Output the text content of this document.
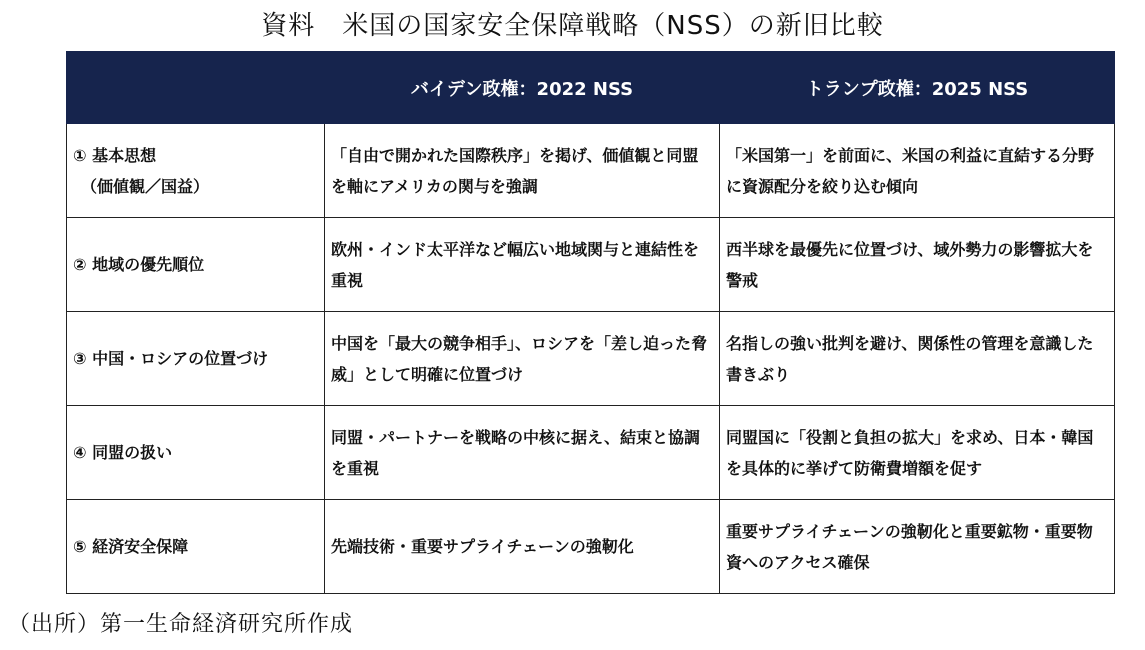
資料　米国の国家安全保障戦略（NSS）の新旧比較
	バイデン政権：2022 NSS	トランプ政権：2025 NSS

① 基本思想
（価値観／国益）	「自由で開かれた国際秩序」を掲げ、価値観と同盟を軸にアメリカの関与を強調	「米国第一」を前面に、米国の利益に直結する分野に資源配分を絞り込む傾向

② 地域の優先順位	欧州・インド太平洋など幅広い地域関与と連結性を重視	西半球を最優先に位置づけ、域外勢力の影響拡大を警戒

③ 中国・ロシアの位置づけ	中国を「最大の競争相手」、ロシアを「差し迫った脅威」として明確に位置づけ	名指しの強い批判を避け、関係性の管理を意識した書きぶり

④ 同盟の扱い	同盟・パートナーを戦略の中核に据え、結束と協調を重視	同盟国に「役割と負担の拡大」を求め、日本・韓国を具体的に挙げて防衛費増額を促す

⑤ 経済安全保障	先端技術・重要サプライチェーンの強靭化	重要サプライチェーンの強靭化と重要鉱物・重要物資へのアクセス確保
（出所）第一生命経済研究所作成
